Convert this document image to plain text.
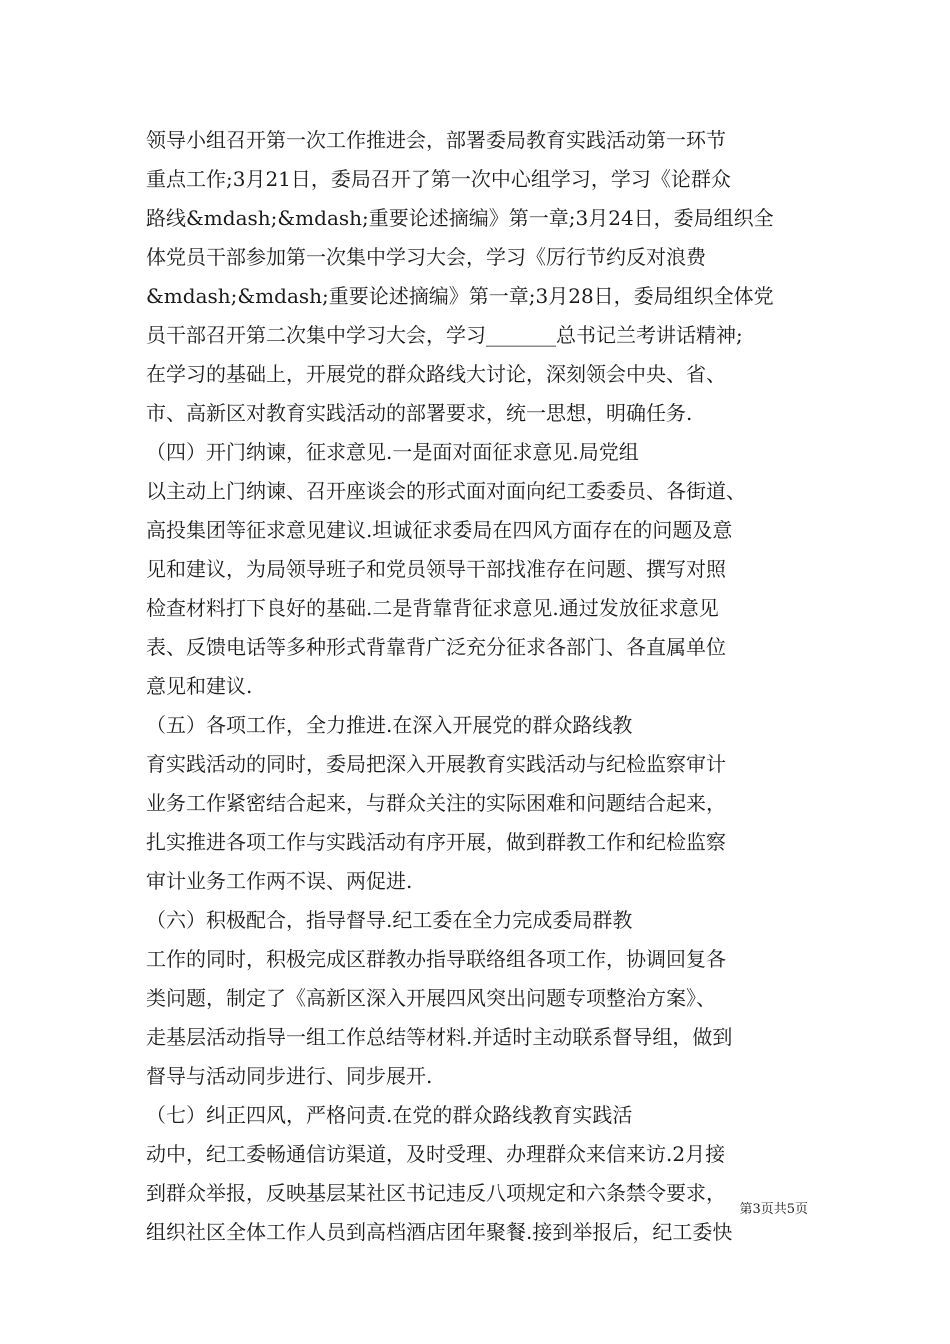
领导小组召开第一次工作推进会，部署委局教育实践活动第一环节
重点工作;3月21日，委局召开了第一次中心组学习，学习《论群众
路线&mdash;&mdash;重要论述摘编》第一章;3月24日，委局组织全
体党员干部参加第一次集中学习大会，学习《厉行节约反对浪费
&mdash;&mdash;重要论述摘编》第一章;3月28日，委局组织全体党
员干部召开第二次集中学习大会，学习_______总书记兰考讲话精神;
在学习的基础上，开展党的群众路线大讨论，深刻领会中央、省、
市、高新区对教育实践活动的部署要求，统一思想，明确任务.
（四）开门纳谏，征求意见.一是面对面征求意见.局党组
以主动上门纳谏、召开座谈会的形式面对面向纪工委委员、各街道、
高投集团等征求意见建议.坦诚征求委局在四风方面存在的问题及意
见和建议，为局领导班子和党员领导干部找准存在问题、撰写对照
检查材料打下良好的基础.二是背靠背征求意见.通过发放征求意见
表、反馈电话等多种形式背靠背广泛充分征求各部门、各直属单位
意见和建议.
（五）各项工作，全力推进.在深入开展党的群众路线教
育实践活动的同时，委局把深入开展教育实践活动与纪检监察审计
业务工作紧密结合起来，与群众关注的实际困难和问题结合起来，
扎实推进各项工作与实践活动有序开展，做到群教工作和纪检监察
审计业务工作两不误、两促进.
（六）积极配合，指导督导.纪工委在全力完成委局群教
工作的同时，积极完成区群教办指导联络组各项工作，协调回复各
类问题，制定了《高新区深入开展四风突出问题专项整治方案》、
走基层活动指导一组工作总结等材料.并适时主动联系督导组，做到
督导与活动同步进行、同步展开.
（七）纠正四风，严格问责.在党的群众路线教育实践活
动中，纪工委畅通信访渠道，及时受理、办理群众来信来访.2月接
到群众举报，反映基层某社区书记违反八项规定和六条禁令要求，
组织社区全体工作人员到高档酒店团年聚餐.接到举报后，纪工委快
第3页共5页
